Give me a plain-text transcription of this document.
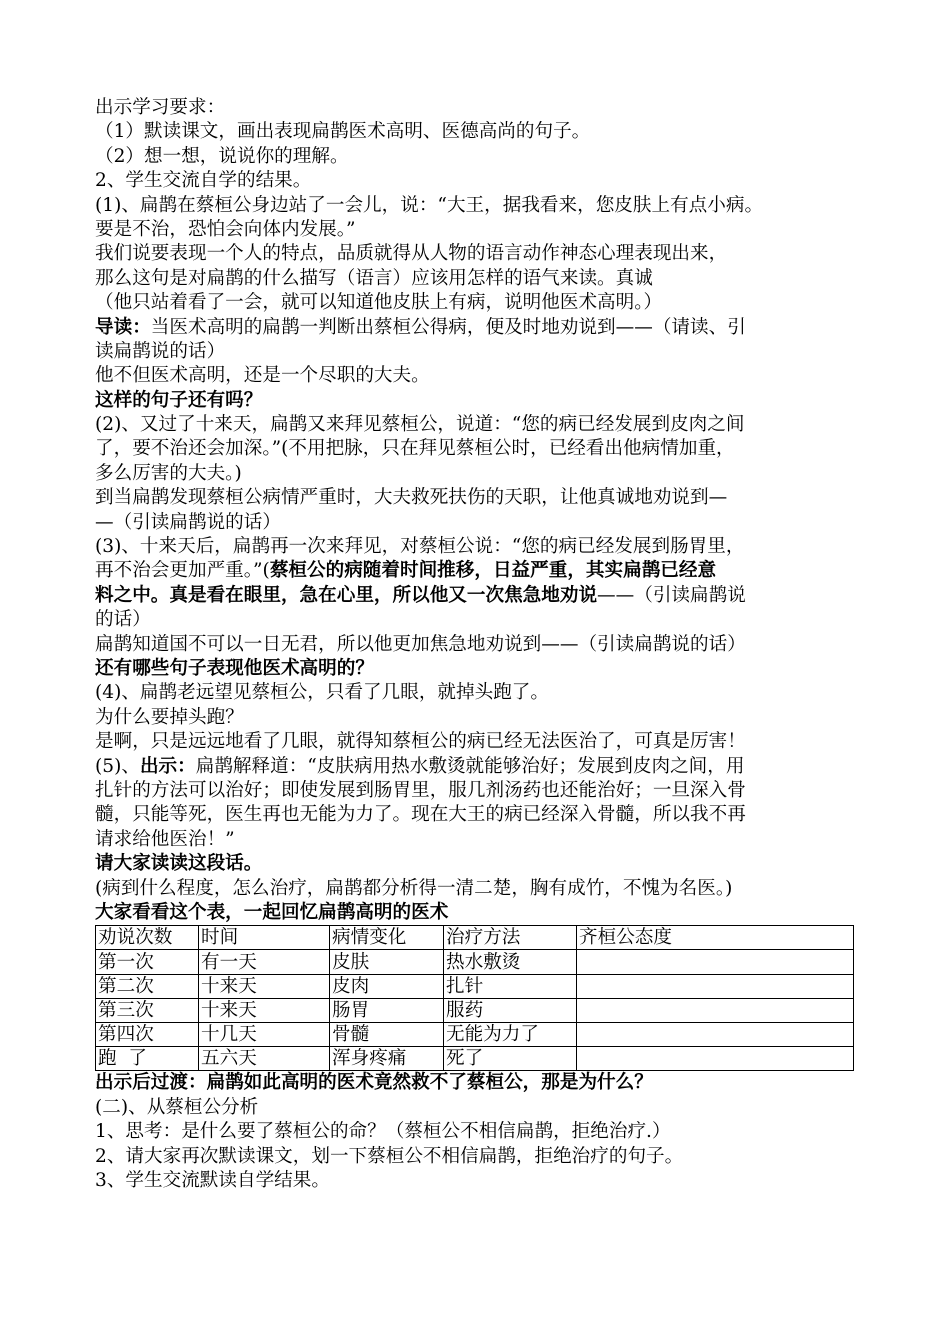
出示学习要求：
（1）默读课文，画出表现扁鹊医术高明、医德高尚的句子。
（2）想一想，说说你的理解。
2、学生交流自学的结果。
(1)、扁鹊在蔡桓公身边站了一会儿，说：“大王，据我看来，您皮肤上有点小病。
要是不治，恐怕会向体内发展。”
我们说要表现一个人的特点，品质就得从人物的语言动作神态心理表现出来，
那么这句是对扁鹊的什么描写（语言）应该用怎样的语气来读。真诚
（他只站着看了一会，就可以知道他皮肤上有病，说明他医术高明。）
导读：当医术高明的扁鹊一判断出蔡桓公得病，便及时地劝说到——（请读、引
读扁鹊说的话）
他不但医术高明，还是一个尽职的大夫。
这样的句子还有吗？
(2)、又过了十来天，扁鹊又来拜见蔡桓公，说道：“您的病已经发展到皮肉之间
了，要不治还会加深。”(不用把脉，只在拜见蔡桓公时，已经看出他病情加重，
多么厉害的大夫。)
到当扁鹊发现蔡桓公病情严重时，大夫救死扶伤的天职，让他真诚地劝说到—
—（引读扁鹊说的话）
(3)、十来天后，扁鹊再一次来拜见，对蔡桓公说：“您的病已经发展到肠胃里，
再不治会更加严重。”(蔡桓公的病随着时间推移，日益严重，其实扁鹊已经意
料之中。真是看在眼里，急在心里，所以他又一次焦急地劝说——（引读扁鹊说
的话）
扁鹊知道国不可以一日无君，所以他更加焦急地劝说到——（引读扁鹊说的话）
还有哪些句子表现他医术高明的？
(4)、扁鹊老远望见蔡桓公，只看了几眼，就掉头跑了。
为什么要掉头跑？
是啊，只是远远地看了几眼，就得知蔡桓公的病已经无法医治了，可真是厉害！
(5)、出示：扁鹊解释道：“皮肤病用热水敷烫就能够治好；发展到皮肉之间，用
扎针的方法可以治好；即使发展到肠胃里，服几剂汤药也还能治好；一旦深入骨
髓，只能等死，医生再也无能为力了。现在大王的病已经深入骨髓，所以我不再
请求给他医治！”
请大家读读这段话。
(病到什么程度，怎么治疗，扁鹊都分析得一清二楚，胸有成竹，不愧为名医。)
大家看看这个表，一起回忆扁鹊高明的医术
劝说次数	时间	病情变化	治疗方法	齐桓公态度
第一次	有一天	皮肤	热水敷烫	
第二次	十来天	皮肉	扎针	
第三次	十来天	肠胃	服药	
第四次	十几天	骨髓	无能为力了	
跑  了	五六天	浑身疼痛	死了	
出示后过渡：扁鹊如此高明的医术竟然救不了蔡桓公，那是为什么？
(二)、从蔡桓公分析
1、思考：是什么要了蔡桓公的命？（蔡桓公不相信扁鹊，拒绝治疗.）
2、请大家再次默读课文，划一下蔡桓公不相信扁鹊，拒绝治疗的句子。
3、学生交流默读自学结果。
